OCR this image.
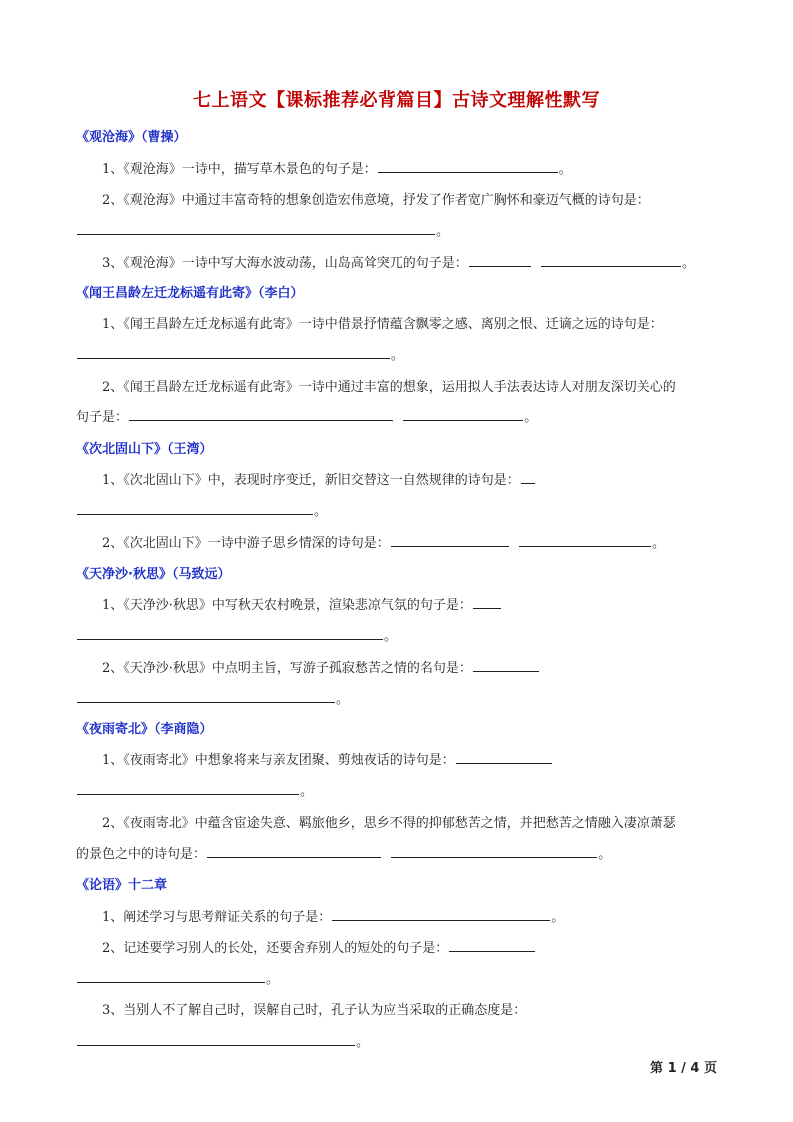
七上语文【课标推荐必背篇目】古诗文理解性默写
《观沧海》（曹操）
1、《观沧海》一诗中，描写草木景色的句子是：	。
2、《观沧海》中通过丰富奇特的想象创造宏伟意境，抒发了作者宽广胸怀和豪迈气概的诗句是：
。
3、《观沧海》一诗中写大海水波动荡，山岛高耸突兀的句子是：	。
《闻王昌龄左迁龙标遥有此寄》（李白）
1、《闻王昌龄左迁龙标遥有此寄》一诗中借景抒情蕴含飘零之感、离别之恨、迁谪之远的诗句是：
。
2、《闻王昌龄左迁龙标遥有此寄》一诗中通过丰富的想象，运用拟人手法表达诗人对朋友深切关心的
句子是：	。
《次北固山下》（王湾）
1、《次北固山下》中，表现时序变迁，新旧交替这一自然规律的诗句是：
。
2、《次北固山下》一诗中游子思乡情深的诗句是：	。
《天净沙·秋思》（马致远）
1、《天净沙·秋思》中写秋天农村晚景，渲染悲凉气氛的句子是：
。
2、《天净沙·秋思》中点明主旨，写游子孤寂愁苦之情的名句是：
。
《夜雨寄北》（李商隐）
1、《夜雨寄北》中想象将来与亲友团聚、剪烛夜话的诗句是：
。
2、《夜雨寄北》中蕴含宦途失意、羁旅他乡，思乡不得的抑郁愁苦之情，并把愁苦之情融入凄凉萧瑟
的景色之中的诗句是：	。
《论语》十二章
1、阐述学习与思考辩证关系的句子是：	。
2、记述要学习别人的长处，还要舍弃别人的短处的句子是：
。
3、当别人不了解自己时，误解自己时，孔子认为应当采取的正确态度是：
。
第 1 / 4 页
